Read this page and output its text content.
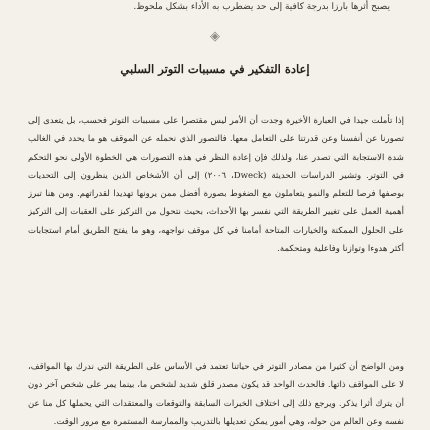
يصبح أثرها بارزا بدرجة كافية إلى حد يضطرب به الأداء بشكل ملحوظ.
◈
إعادة التفكير في مسببات التوتر السلبي

إذا تأملت جيدا في العبارة الأخيرة وجدت أن الأمر ليس مقتصرا على مسببات التوتر فحسب، بل يتعدى إلى تصورنا عن أنفسنا وعن قدرتنا على التعامل معها. فالتصور الذي نحمله عن الموقف هو ما يحدد في الغالب شدة الاستجابة التي تصدر عنا، ولذلك فإن إعادة النظر في هذه التصورات هي الخطوة الأولى نحو التحكم في التوتر. وتشير الدراسات الحديثة (Dweck، ٢٠٠٦) إلى أن الأشخاص الذين ينظرون إلى التحديات بوصفها فرصا للتعلم والنمو يتعاملون مع الضغوط بصورة أفضل ممن يرونها تهديدا لقدراتهم. ومن هنا تبرز أهمية العمل على تغيير الطريقة التي نفسر بها الأحداث، بحيث نتحول من التركيز على العقبات إلى التركيز على الحلول الممكنة والخيارات المتاحة أمامنا في كل موقف نواجهه، وهو ما يفتح الطريق أمام استجابات أكثر هدوءا وتوازنا وفاعلية ومتحكمة.

ومن الواضح أن كثيرا من مصادر التوتر في حياتنا تعتمد في الأساس على الطريقة التي ندرك بها المواقف، لا على المواقف ذاتها. فالحدث الواحد قد يكون مصدر قلق شديد لشخص ما، بينما يمر على شخص آخر دون أن يترك أثرا يذكر. ويرجع ذلك إلى اختلاف الخبرات السابقة والتوقعات والمعتقدات التي يحملها كل منا عن نفسه وعن العالم من حوله، وهي أمور يمكن تعديلها بالتدريب والممارسة المستمرة مع مرور الوقت.
